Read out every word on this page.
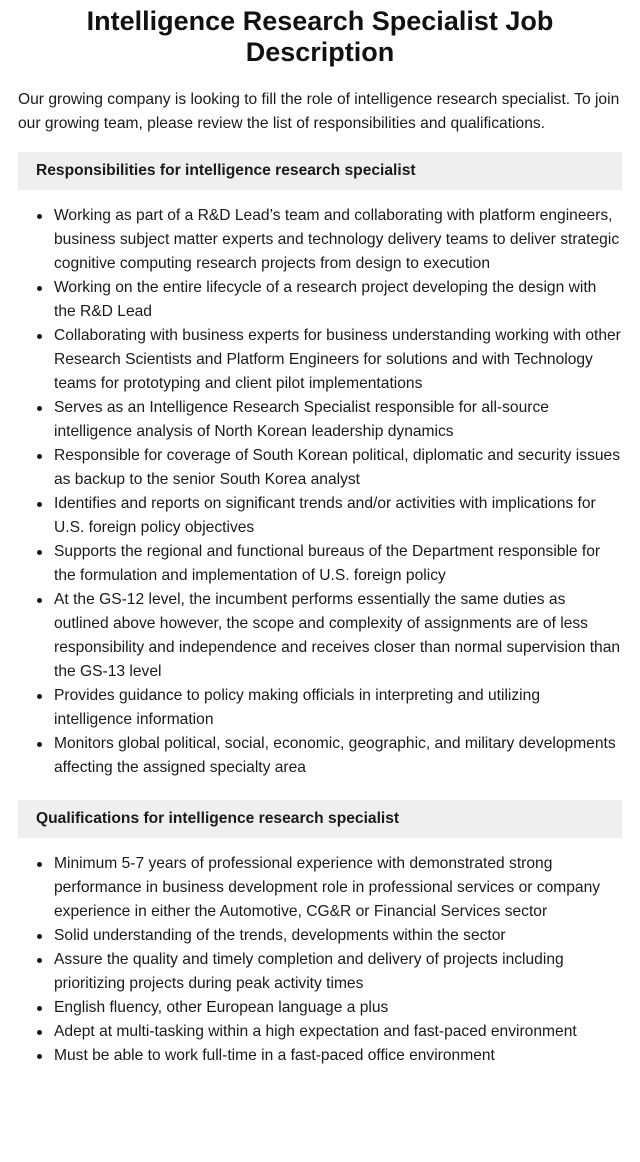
Intelligence Research Specialist Job Description

Our growing company is looking to fill the role of intelligence research specialist. To join our growing team, please review the list of responsibilities and qualifications.

Responsibilities for intelligence research specialist
Working as part of a R&D Lead’s team and collaborating with platform engineers, business subject matter experts and technology delivery teams to deliver strategic cognitive computing research projects from design to execution
Working on the entire lifecycle of a research project developing the design with the R&D Lead
Collaborating with business experts for business understanding working with other Research Scientists and Platform Engineers for solutions and with Technology teams for prototyping and client pilot implementations
Serves as an Intelligence Research Specialist responsible for all-source intelligence analysis of North Korean leadership dynamics
Responsible for coverage of South Korean political, diplomatic and security issues as backup to the senior South Korea analyst
Identifies and reports on significant trends and/or activities with implications for U.S. foreign policy objectives
Supports the regional and functional bureaus of the Department responsible for the formulation and implementation of U.S. foreign policy
At the GS-12 level, the incumbent performs essentially the same duties as outlined above however, the scope and complexity of assignments are of less responsibility and independence and receives closer than normal supervision than the GS-13 level
Provides guidance to policy making officials in interpreting and utilizing intelligence information
Monitors global political, social, economic, geographic, and military developments affecting the assigned specialty area
Qualifications for intelligence research specialist
Minimum 5-7 years of professional experience with demonstrated strong performance in business development role in professional services or company experience in either the Automotive, CG&R or Financial Services sector
Solid understanding of the trends, developments within the sector
Assure the quality and timely completion and delivery of projects including prioritizing projects during peak activity times
English fluency, other European language a plus
Adept at multi-tasking within a high expectation and fast-paced environment
Must be able to work full-time in a fast-paced office environment
